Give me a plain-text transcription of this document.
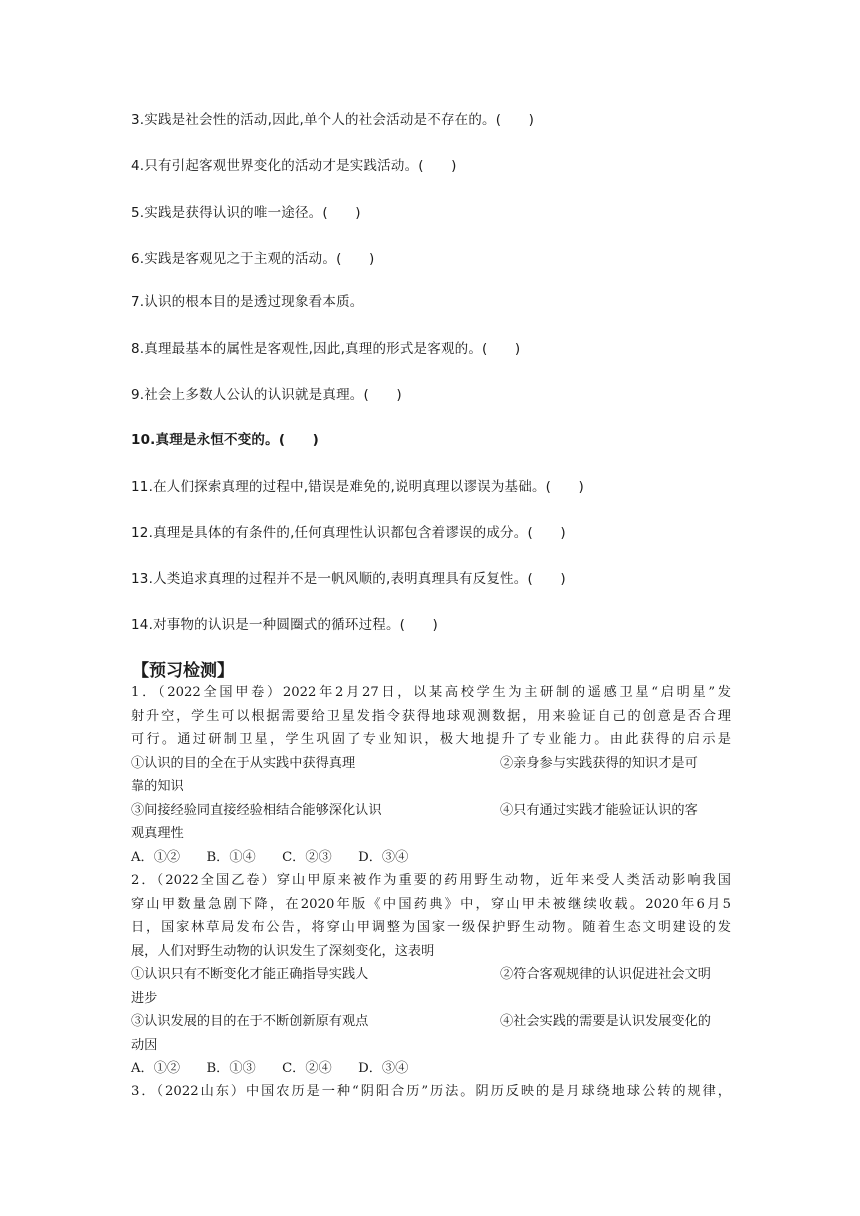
3.实践是社会性的活动,因此,单个人的社会活动是不存在的。(　　)
4.只有引起客观世界变化的活动才是实践活动。(　　)
5.实践是获得认识的唯一途径。(　　)
6.实践是客观见之于主观的活动。(　　)
7.认识的根本目的是透过现象看本质。
8.真理最基本的属性是客观性,因此,真理的形式是客观的。(　　)
9.社会上多数人公认的认识就是真理。(　　)
10.真理是永恒不变的。(　　)
11.在人们探索真理的过程中,错误是难免的,说明真理以谬误为基础。(　　)
12.真理是具体的有条件的,任何真理性认识都包含着谬误的成分。(　　)
13.人类追求真理的过程并不是一帆风顺的,表明真理具有反复性。(　　)
14.对事物的认识是一种圆圈式的循环过程。(　　)
【预习检测】
1．（2022全国甲卷）2022年2月27日，以某高校学生为主研制的遥感卫星“启明星”发
射升空，学生可以根据需要给卫星发指令获得地球观测数据，用来验证自己的创意是否合理
可行。通过研制卫星，学生巩固了专业知识，极大地提升了专业能力。由此获得的启示是
①认识的目的全在于从实践中获得真理	②亲身参与实践获得的知识才是可
靠的知识
③间接经验同直接经验相结合能够深化认识	④只有通过实践才能验证认识的客
观真理性
A．①②　　B．①④　　C．②③　　D．③④
2．（2022全国乙卷）穿山甲原来被作为重要的药用野生动物，近年来受人类活动影响我国
穿山甲数量急剧下降，在2020年版《中国药典》中，穿山甲未被继续收载。2020年6月5
日，国家林草局发布公告，将穿山甲调整为国家一级保护野生动物。随着生态文明建设的发
展，人们对野生动物的认识发生了深刻变化，这表明
①认识只有不断变化才能正确指导实践人	②符合客观规律的认识促进社会文明
进步
③认识发展的目的在于不断创新原有观点	④社会实践的需要是认识发展变化的
动因
A．①②　　B．①③　　C．②④　　D．③④
3．（2022山东）中国农历是一种“阴阳合历”历法。阴历反映的是月球绕地球公转的规律，
